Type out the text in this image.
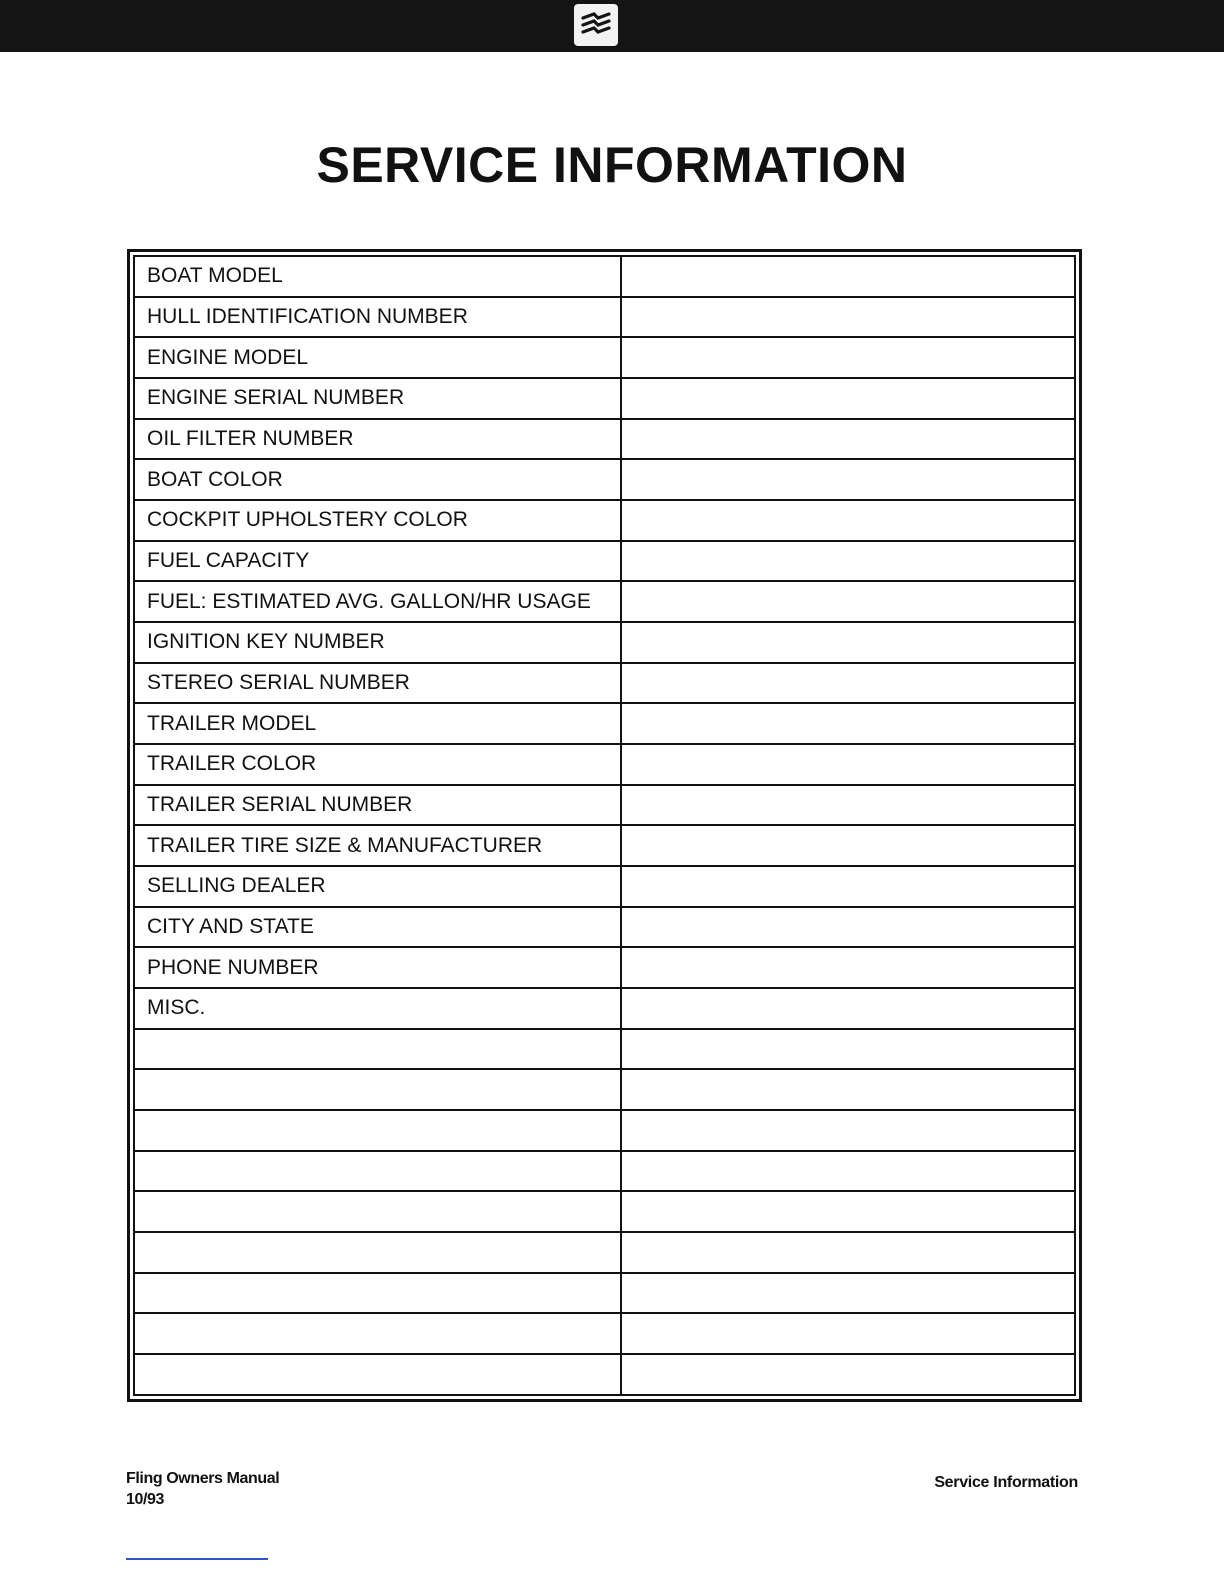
SERVICE INFORMATION
BOAT MODEL	
HULL IDENTIFICATION NUMBER	
ENGINE MODEL	
ENGINE SERIAL NUMBER	
OIL FILTER NUMBER	
BOAT COLOR	
COCKPIT UPHOLSTERY COLOR	
FUEL CAPACITY	
FUEL: ESTIMATED AVG. GALLON/HR USAGE	
IGNITION KEY NUMBER	
STEREO SERIAL NUMBER	
TRAILER MODEL	
TRAILER COLOR	
TRAILER SERIAL NUMBER	
TRAILER TIRE SIZE & MANUFACTURER	
SELLING DEALER	
CITY AND STATE	
PHONE NUMBER	
MISC.	

Fling Owners Manual
10/93
Service Information
